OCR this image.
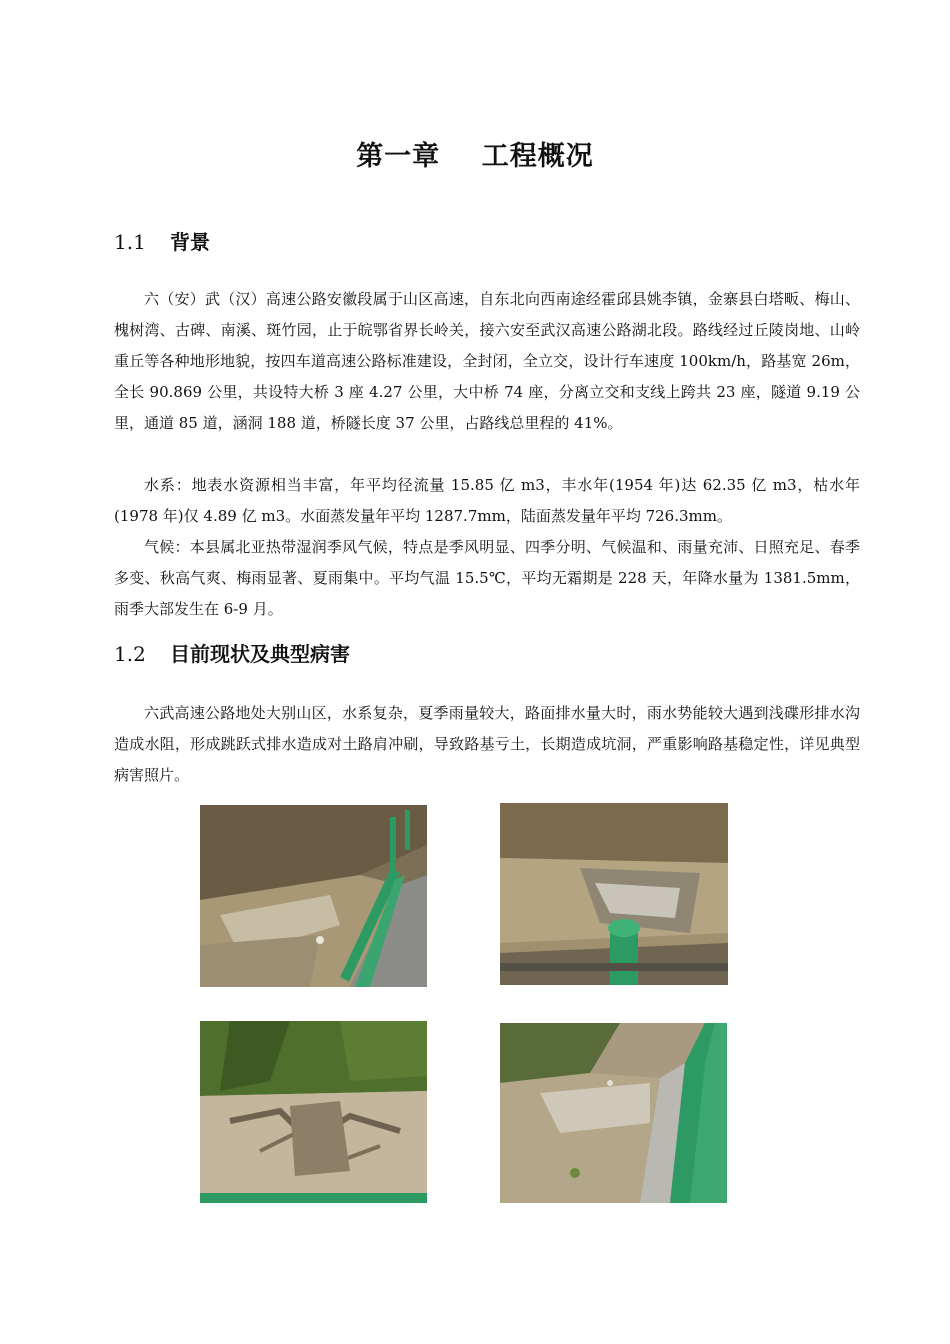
第一章    工程概况
1.1 背景

六（安）武（汉）高速公路安徽段属于山区高速，自东北向西南途经霍邱县姚李镇，金寨县白塔畈、梅山、槐树湾、古碑、南溪、斑竹园，止于皖鄂省界长岭关，接六安至武汉高速公路湖北段。路线经过丘陵岗地、山岭重丘等各种地形地貌，按四车道高速公路标准建设，全封闭，全立交，设计行车速度 100km/h，路基宽 26m，全长 90.869 公里，共设特大桥 3 座 4.27 公里，大中桥 74 座，分离立交和支线上跨共 23 座，隧道 9.19 公里，通道 85 道，涵洞 188 道，桥隧长度 37 公里，占路线总里程的 41%。

水系：地表水资源相当丰富，年平均径流量 15.85 亿 m3，丰水年(1954 年)达 62.35 亿 m3，枯水年(1978 年)仅 4.89 亿 m3。水面蒸发量年平均 1287.7mm，陆面蒸发量年平均 726.3mm。

气候：本县属北亚热带湿润季风气候，特点是季风明显、四季分明、气候温和、雨量充沛、日照充足、春季多变、秋高气爽、梅雨显著、夏雨集中。平均气温 15.5℃，平均无霜期是 228 天，年降水量为 1381.5mm，雨季大部发生在 6-9 月。

1.2 目前现状及典型病害

六武高速公路地处大别山区，水系复杂，夏季雨量较大，路面排水量大时，雨水势能较大遇到浅碟形排水沟造成水阻，形成跳跃式排水造成对土路肩冲刷，导致路基亏土，长期造成坑洞，严重影响路基稳定性，详见典型病害照片。
